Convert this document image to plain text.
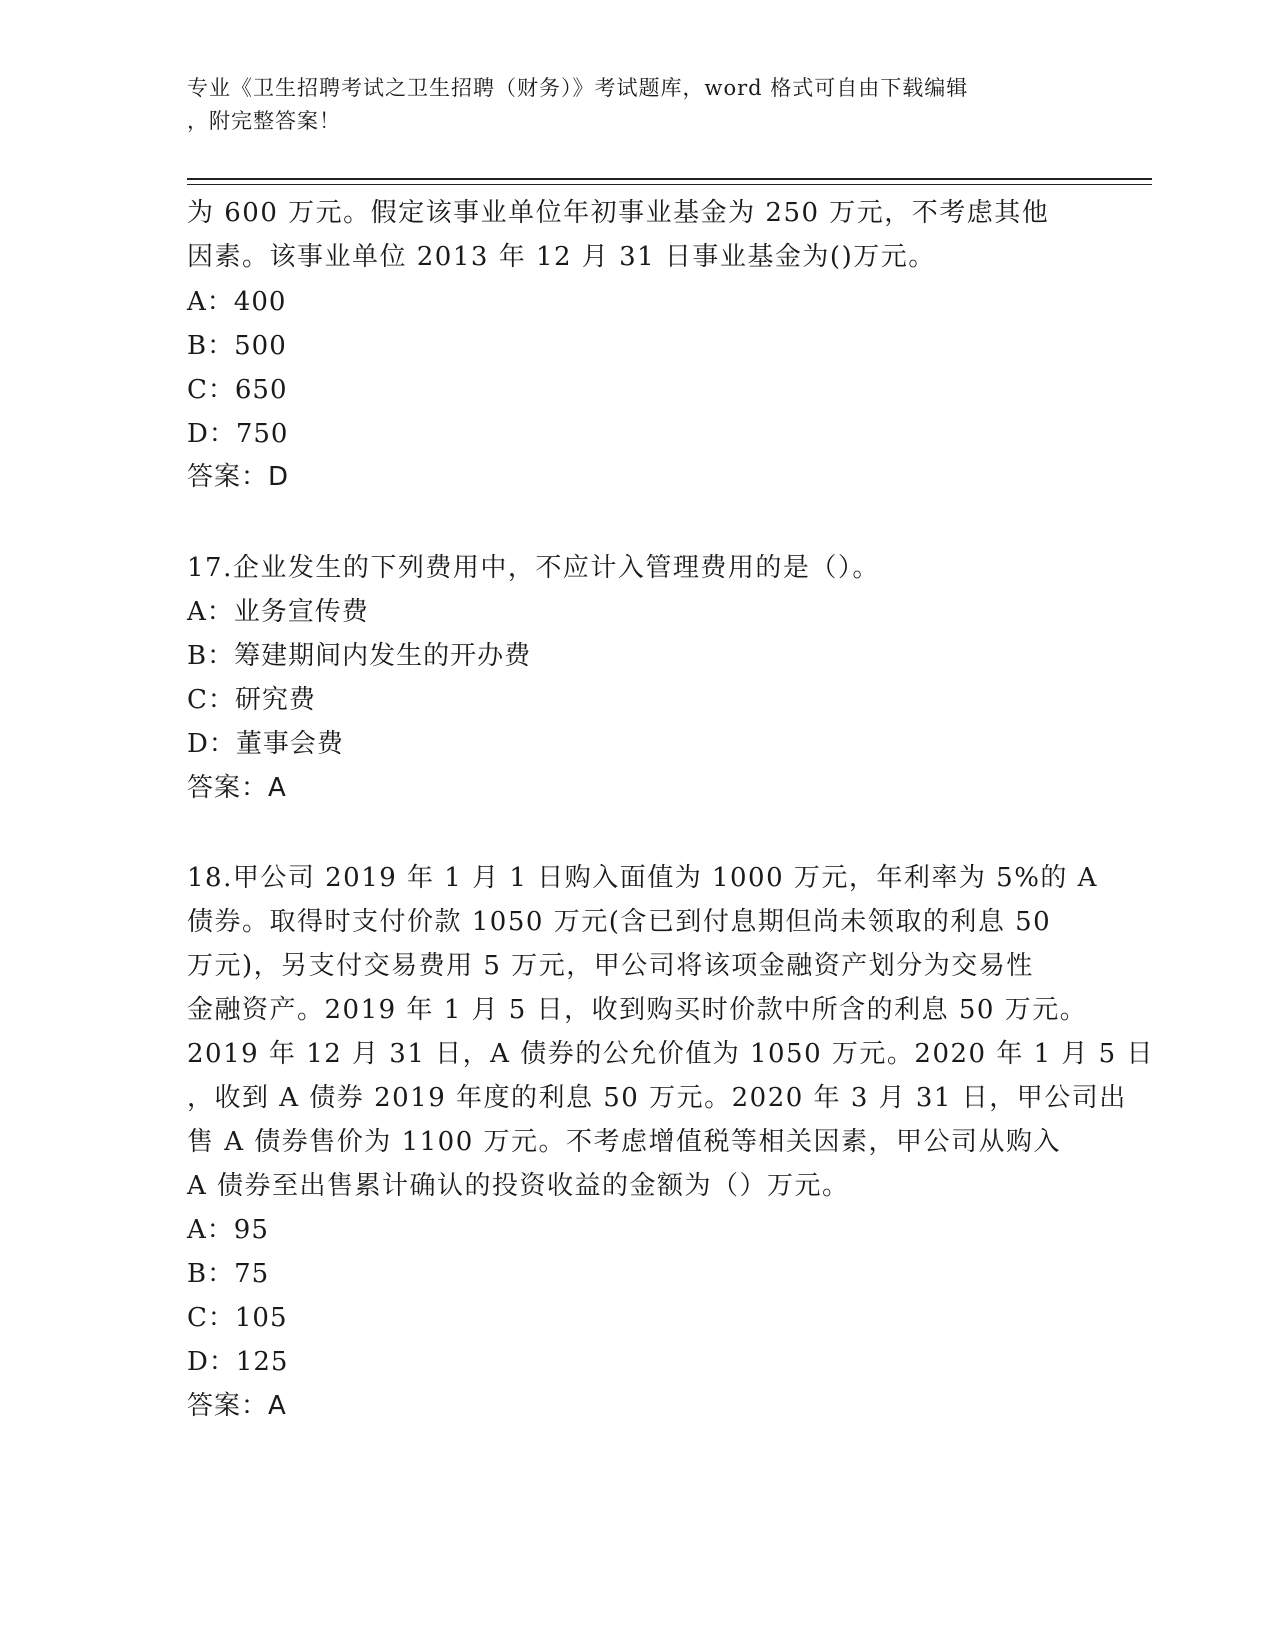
专业《卫生招聘考试之卫生招聘（财务）》考试题库，word 格式可自由下载编辑
，附完整答案！
为 600 万元。假定该事业单位年初事业基金为 250 万元，不考虑其他
因素。该事业单位 2013 年 12 月 31 日事业基金为()万元。
A：400
B：500
C：650
D：750
答案：D
17.企业发生的下列费用中，不应计入管理费用的是（）。
A：业务宣传费
B：筹建期间内发生的开办费
C：研究费
D：董事会费
答案：A
18.甲公司 2019 年 1 月 1 日购入面值为 1000 万元，年利率为 5%的 A
债券。取得时支付价款 1050 万元(含已到付息期但尚未领取的利息 50
万元)，另支付交易费用 5 万元，甲公司将该项金融资产划分为交易性
金融资产。2019 年 1 月 5 日，收到购买时价款中所含的利息 50 万元。
2019 年 12 月 31 日，A 债券的公允价值为 1050 万元。2020 年 1 月 5 日
，收到 A 债券 2019 年度的利息 50 万元。2020 年 3 月 31 日，甲公司出
售 A 债券售价为 1100 万元。不考虑增值税等相关因素，甲公司从购入
A 债券至出售累计确认的投资收益的金额为（）万元。
A：95
B：75
C：105
D：125
答案：A
